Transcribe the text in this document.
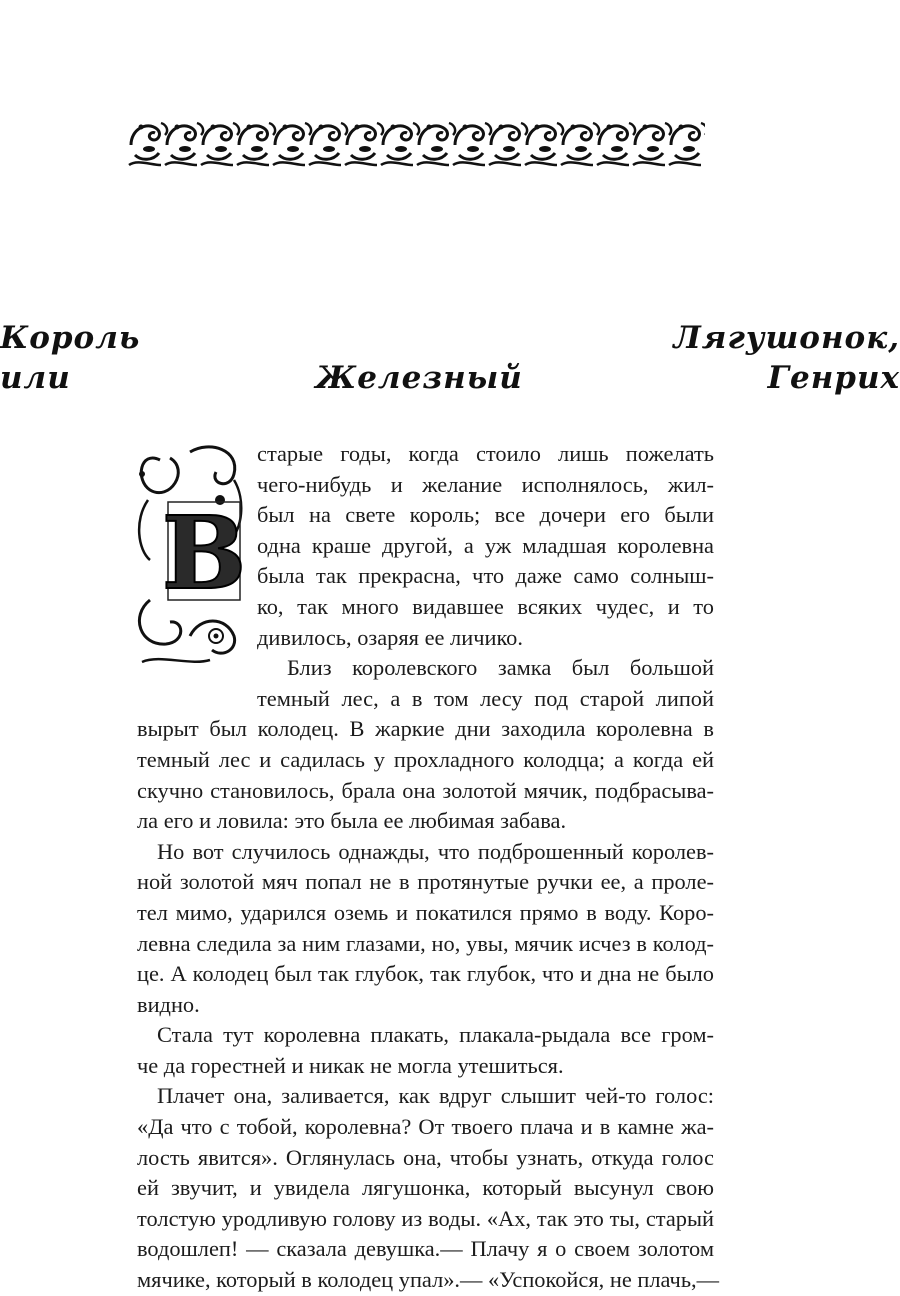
Король Лягушонок,
или Железный Генрих
В
старые годы, когда стоило лишь пожелать
чего-нибудь и желание исполнялось, жил-
был на свете король; все дочери его были
одна краше другой, а уж младшая королевна
была так прекрасна, что даже само солныш-
ко, так много видавшее всяких чудес, и то
дивилось, озаряя ее личико.
Близ королевского замка был большой
темный лес, а в том лесу под старой липой
вырыт был колодец. В жаркие дни заходила королевна в
темный лес и садилась у прохладного колодца; а когда ей
скучно становилось, брала она золотой мячик, подбрасыва-
ла его и ловила: это была ее любимая забава.
Но вот случилось однажды, что подброшенный королев-
ной золотой мяч попал не в протянутые ручки ее, а проле-
тел мимо, ударился оземь и покатился прямо в воду. Коро-
левна следила за ним глазами, но, увы, мячик исчез в колод-
це. А колодец был так глубок, так глубок, что и дна не было
видно.
Стала тут королевна плакать, плакала-рыдала все гром-
че да горестней и никак не могла утешиться.
Плачет она, заливается, как вдруг слышит чей-то голос:
«Да что с тобой, королевна? От твоего плача и в камне жа-
лость явится». Оглянулась она, чтобы узнать, откуда голос
ей звучит, и увидела лягушонка, который высунул свою
толстую уродливую голову из воды. «Ах, так это ты, старый
водошлеп! — сказала девушка.— Плачу я о своем золотом
мячике, который в колодец упал».— «Успокойся, не плачь,—
